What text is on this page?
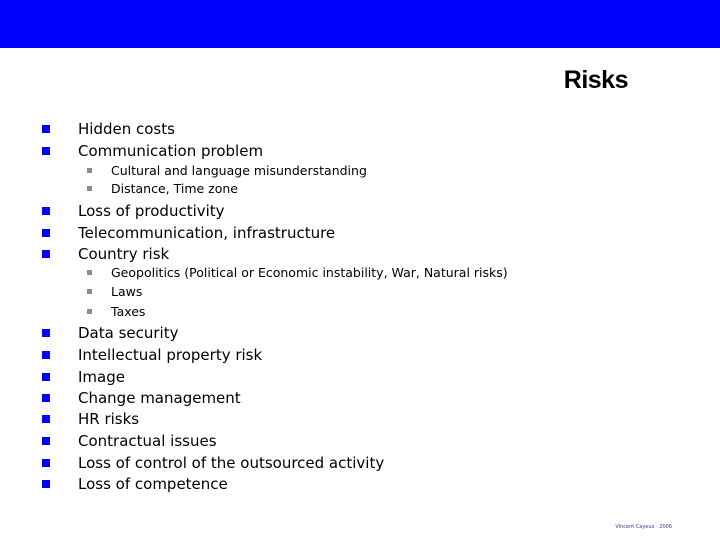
Risks
Hidden costs
Communication problem
Cultural and language misunderstanding
Distance, Time zone
Loss of productivity
Telecommunication, infrastructure
Country risk
Geopolitics (Political or Economic instability, War, Natural risks)
Laws
Taxes
Data security
Intellectual property risk
Image
Change management
HR risks
Contractual issues
Loss of control of the outsourced activity
Loss of competence
Vincent Cayeux · 2006
